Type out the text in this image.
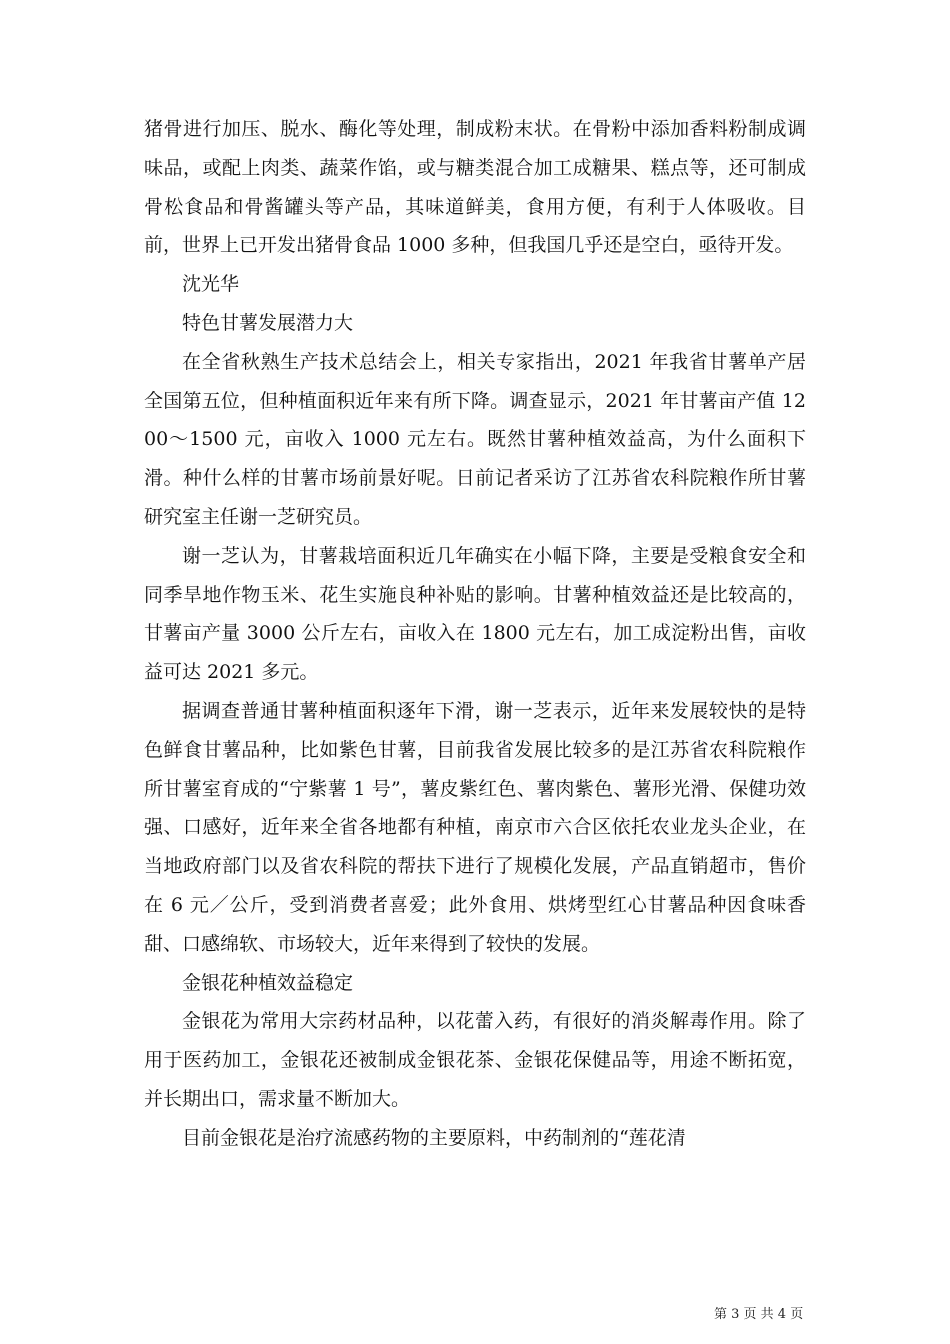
猪骨进行加压、脱水、酶化等处理，制成粉末状。在骨粉中添加香料粉制成调味品，或配上肉类、蔬菜作馅，或与糖类混合加工成糖果、糕点等，还可制成骨松食品和骨酱罐头等产品，其味道鲜美，食用方便，有利于人体吸收。目前，世界上已开发出猪骨食品 1000 多种，但我国几乎还是空白，亟待开发。

沈光华

特色甘薯发展潜力大

在全省秋熟生产技术总结会上，相关专家指出，2021 年我省甘薯单产居全国第五位，但种植面积近年来有所下降。调查显示，2021 年甘薯亩产值 1200～1500 元，亩收入 1000 元左右。既然甘薯种植效益高，为什么面积下滑。种什么样的甘薯市场前景好呢。日前记者采访了江苏省农科院粮作所甘薯研究室主任谢一芝研究员。

谢一芝认为，甘薯栽培面积近几年确实在小幅下降，主要是受粮食安全和同季旱地作物玉米、花生实施良种补贴的影响。甘薯种植效益还是比较高的，甘薯亩产量 3000 公斤左右，亩收入在 1800 元左右，加工成淀粉出售，亩收益可达 2021 多元。

据调查普通甘薯种植面积逐年下滑，谢一芝表示，近年来发展较快的是特色鲜食甘薯品种，比如紫色甘薯，目前我省发展比较多的是江苏省农科院粮作所甘薯室育成的“宁紫薯 1 号”，薯皮紫红色、薯肉紫色、薯形光滑、保健功效强、口感好，近年来全省各地都有种植，南京市六合区依托农业龙头企业，在当地政府部门以及省农科院的帮扶下进行了规模化发展，产品直销超市，售价在 6 元／公斤，受到消费者喜爱；此外食用、烘烤型红心甘薯品种因食味香甜、口感绵软、市场较大，近年来得到了较快的发展。

金银花种植效益稳定

金银花为常用大宗药材品种，以花蕾入药，有很好的消炎解毒作用。除了用于医药加工，金银花还被制成金银花茶、金银花保健品等，用途不断拓宽，并长期出口，需求量不断加大。

目前金银花是治疗流感药物的主要原料，中药制剂的“莲花清

第 3 页 共 4 页
